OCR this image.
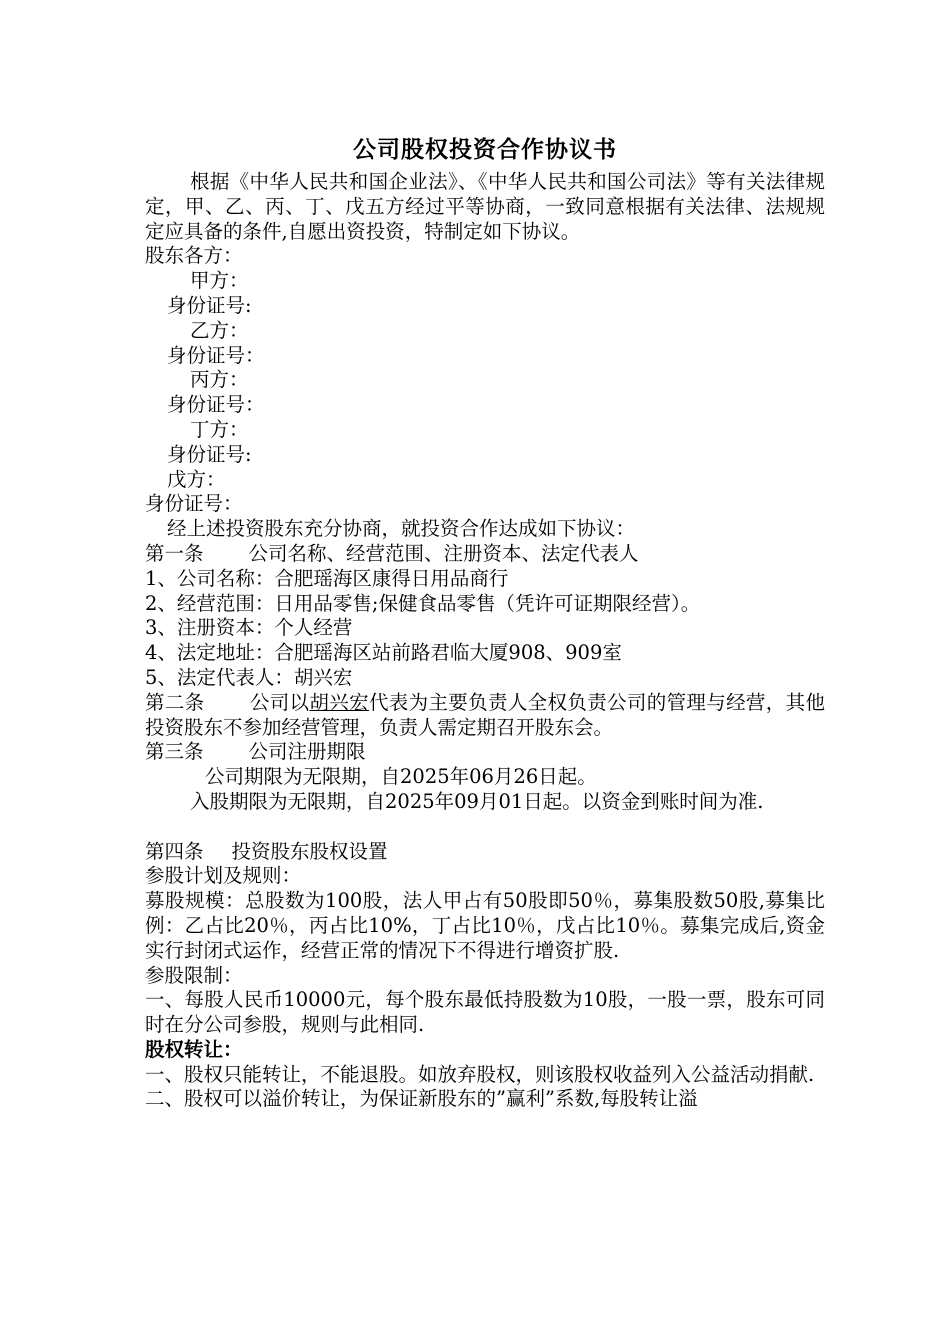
公司股权投资合作协议书
根据《中华人民共和国企业法》、《中华人民共和国公司法》等有关法律规定，甲、乙、丙、丁、戊五方经过平等协商，一致同意根据有关法律、法规规定应具备的条件,自愿出资投资，特制定如下协议。
股东各方：
甲方：
身份证号:
乙方：
身份证号：
丙方：
身份证号：
丁方：
身份证号:
戊方：
身份证号：
经上述投资股东充分协商，就投资合作达成如下协议：
第一条 公司名称、经营范围、注册资本、法定代表人
1、公司名称：合肥瑶海区康得日用品商行
2、经营范围：日用品零售;保健食品零售（凭许可证期限经营）。
3、注册资本：个人经营
4、法定地址：合肥瑶海区站前路君临大厦908、909室
5、法定代表人：胡兴宏
第二条 公司以胡兴宏代表为主要负责人全权负责公司的管理与经营，其他投资股东不参加经营管理，负责人需定期召开股东会。
第三条 公司注册期限
公司期限为无限期，自2025年06月26日起。
入股期限为无限期，自2025年09月01日起。以资金到账时间为准.
第四条 投资股东股权设置
参股计划及规则：
募股规模：总股数为100股，法人甲占有50股即50％，募集股数50股,募集比例：乙占比20％，丙占比10%，丁占比10％，戊占比10％。募集完成后,资金实行封闭式运作，经营正常的情况下不得进行增资扩股.
参股限制：
一、每股人民币10000元，每个股东最低持股数为10股，一股一票，股东可同时在分公司参股，规则与此相同.
股权转让：
一、股权只能转让，不能退股。如放弃股权，则该股权收益列入公益活动捐献.
二、股权可以溢价转让，为保证新股东的”赢利”系数,每股转让溢
